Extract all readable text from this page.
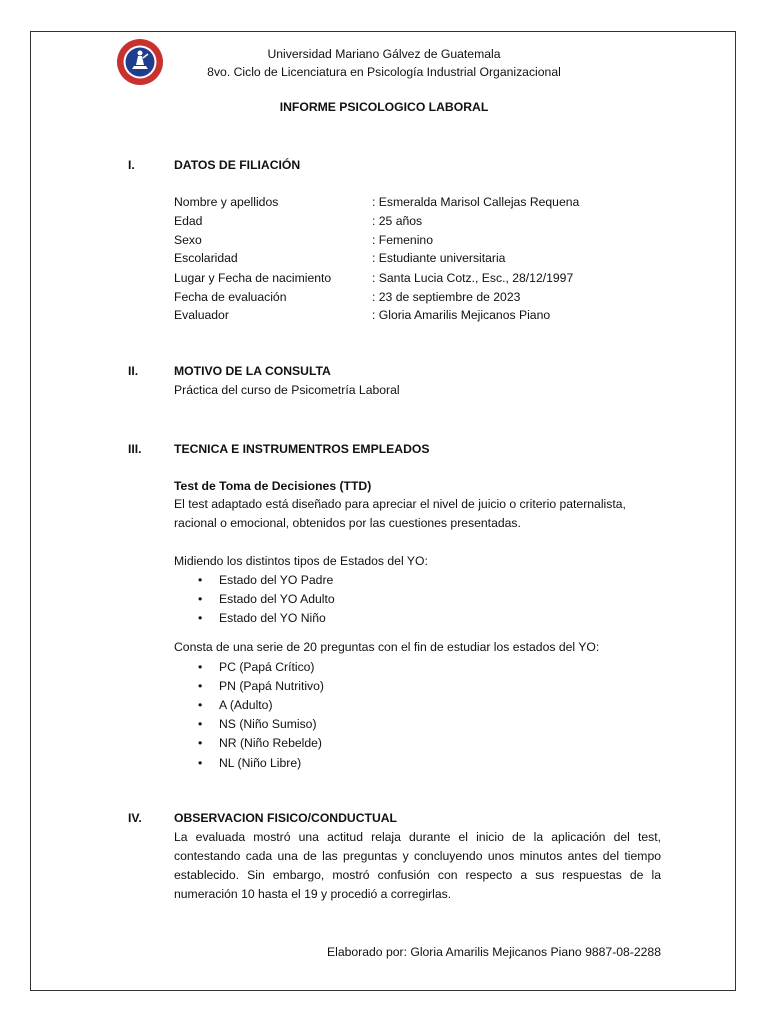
Universidad Mariano Gálvez de Guatemala
8vo. Ciclo de Licenciatura en Psicología Industrial Organizacional
INFORME PSICOLOGICO LABORAL
I.	DATOS DE FILIACIÓN
Nombre y apellidos	: Esmeralda Marisol Callejas Requena
Edad	: 25 años
Sexo	: Femenino
Escolaridad	: Estudiante universitaria
Lugar y Fecha de nacimiento	: Santa Lucia Cotz., Esc., 28/12/1997
Fecha de evaluación	: 23 de septiembre de 2023
Evaluador	: Gloria Amarilis Mejicanos Piano
II.	MOTIVO DE LA CONSULTA
Práctica del curso de Psicometría Laboral
III.	TECNICA E INSTRUMENTROS EMPLEADOS
Test de Toma de Decisiones (TTD)
El test adaptado está diseñado para apreciar el nivel de juicio o criterio paternalista,
racional o emocional, obtenidos por las cuestiones presentadas.
Midiendo los distintos tipos de Estados del YO:
• Estado del YO Padre
• Estado del YO Adulto
• Estado del YO Niño
Consta de una serie de 20 preguntas con el fin de estudiar los estados del YO:
• PC (Papá Crítico)
• PN (Papá Nutritivo)
• A (Adulto)
• NS (Niño Sumiso)
• NR (Niño Rebelde)
• NL (Niño Libre)
IV.	OBSERVACION FISICO/CONDUCTUAL
La evaluada mostró una actitud relaja durante el inicio de la aplicación del test, contestando cada una de las preguntas y concluyendo unos minutos antes del tiempo establecido. Sin embargo, mostró confusión con respecto a sus respuestas de la numeración 10 hasta el 19 y procedió a corregirlas.
Elaborado por: Gloria Amarilis Mejicanos Piano 9887-08-2288
